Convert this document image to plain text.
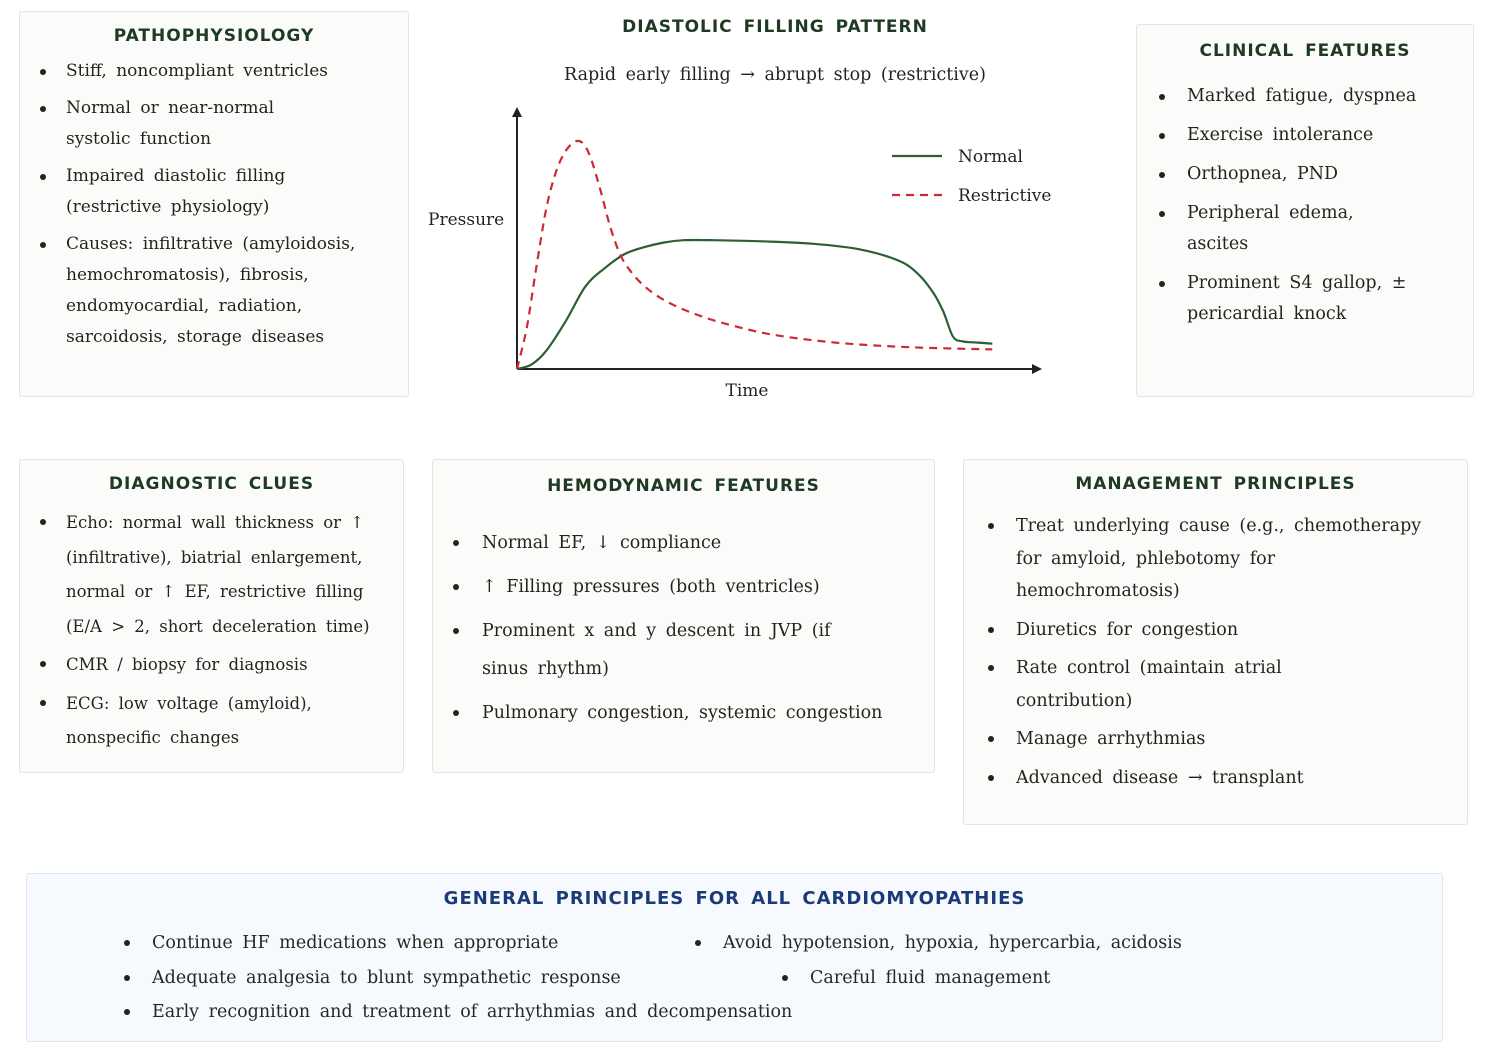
PATHOPHYSIOLOGY
Stiff, noncompliant ventricles
Normal or near-normal systolic function
Impaired diastolic filling (restrictive physiology)
Causes: infiltrative (amyloidosis, hemochromatosis), fibrosis, endomyocardial, radiation, sarcoidosis, storage diseases
DIASTOLIC FILLING PATTERN
Rapid early filling → abrupt stop (restrictive)
Pressure
Time
Normal
Restrictive
CLINICAL FEATURES
Marked fatigue, dyspnea
Exercise intolerance
Orthopnea, PND
Peripheral edema, ascites
Prominent S4 gallop, ± pericardial knock
DIAGNOSTIC CLUES
Echo: normal wall thickness or ↑ (infiltrative), biatrial enlargement, normal or ↑ EF, restrictive filling (E/A > 2, short deceleration time)
CMR / biopsy for diagnosis
ECG: low voltage (amyloid), nonspecific changes
HEMODYNAMIC FEATURES
Normal EF, ↓ compliance
↑ Filling pressures (both ventricles)
Prominent x and y descent in JVP (if sinus rhythm)
Pulmonary congestion, systemic congestion
MANAGEMENT PRINCIPLES
Treat underlying cause (e.g., chemotherapy for amyloid, phlebotomy for hemochromatosis)
Diuretics for congestion
Rate control (maintain atrial contribution)
Manage arrhythmias
Advanced disease → transplant
GENERAL PRINCIPLES FOR ALL CARDIOMYOPATHIES
Continue HF medications when appropriate	Avoid hypotension, hypoxia, hypercarbia, acidosis
Adequate analgesia to blunt sympathetic response	Careful fluid management
Early recognition and treatment of arrhythmias and decompensation
